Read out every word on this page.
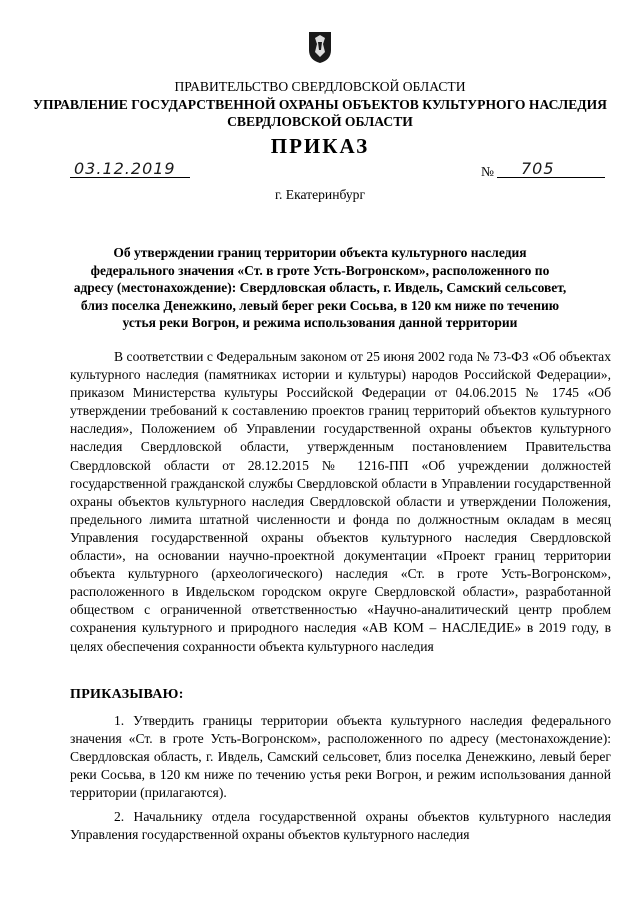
ПРАВИТЕЛЬСТВО СВЕРДЛОВСКОЙ ОБЛАСТИ
УПРАВЛЕНИЕ ГОСУДАРСТВЕННОЙ ОХРАНЫ ОБЪЕКТОВ КУЛЬТУРНОГО НАСЛЕДИЯ
СВЕРДЛОВСКОЙ ОБЛАСТИ
ПРИКАЗ
03.12.2019	№ 705
г. Екатеринбург
Об утверждении границ территории объекта культурного наследия федерального значения «Ст. в гроте Усть-Вогронском», расположенного по адресу (местонахождение): Свердловская область, г. Ивдель, Самский сельсовет, близ поселка Денежкино, левый берег реки Сосьва, в 120 км ниже по течению устья реки Вогрон, и режима использования данной территории
В соответствии с Федеральным законом от 25 июня 2002 года № 73-ФЗ «Об объектах культурного наследия (памятниках истории и культуры) народов Российской Федерации», приказом Министерства культуры Российской Федерации от 04.06.2015 № 1745 «Об утверждении требований к составлению проектов границ территорий объектов культурного наследия», Положением об Управлении государственной охраны объектов культурного наследия Свердловской области, утвержденным постановлением Правительства Свердловской области от 28.12.2015 № 1216-ПП «Об учреждении должностей государственной гражданской службы Свердловской области в Управлении государственной охраны объектов культурного наследия Свердловской области и утверждении Положения, предельного лимита штатной численности и фонда по должностным окладам в месяц Управления государственной охраны объектов культурного наследия Свердловской области», на основании научно-проектной документации «Проект границ территории объекта культурного (археологического) наследия «Ст. в гроте Усть-Вогронском», расположенного в Ивдельском городском округе Свердловской области», разработанной обществом с ограниченной ответственностью «Научно-аналитический центр проблем сохранения культурного и природного наследия «АВ КОМ – НАСЛЕДИЕ» в 2019 году, в целях обеспечения сохранности объекта культурного наследия
ПРИКАЗЫВАЮ:
1. Утвердить границы территории объекта культурного наследия федерального значения «Ст. в гроте Усть-Вогронском», расположенного по адресу (местонахождение): Свердловская область, г. Ивдель, Самский сельсовет, близ поселка Денежкино, левый берег реки Сосьва, в 120 км ниже по течению устья реки Вогрон, и режим использования данной территории (прилагаются).
2. Начальнику отдела государственной охраны объектов культурного наследия Управления государственной охраны объектов культурного наследия
